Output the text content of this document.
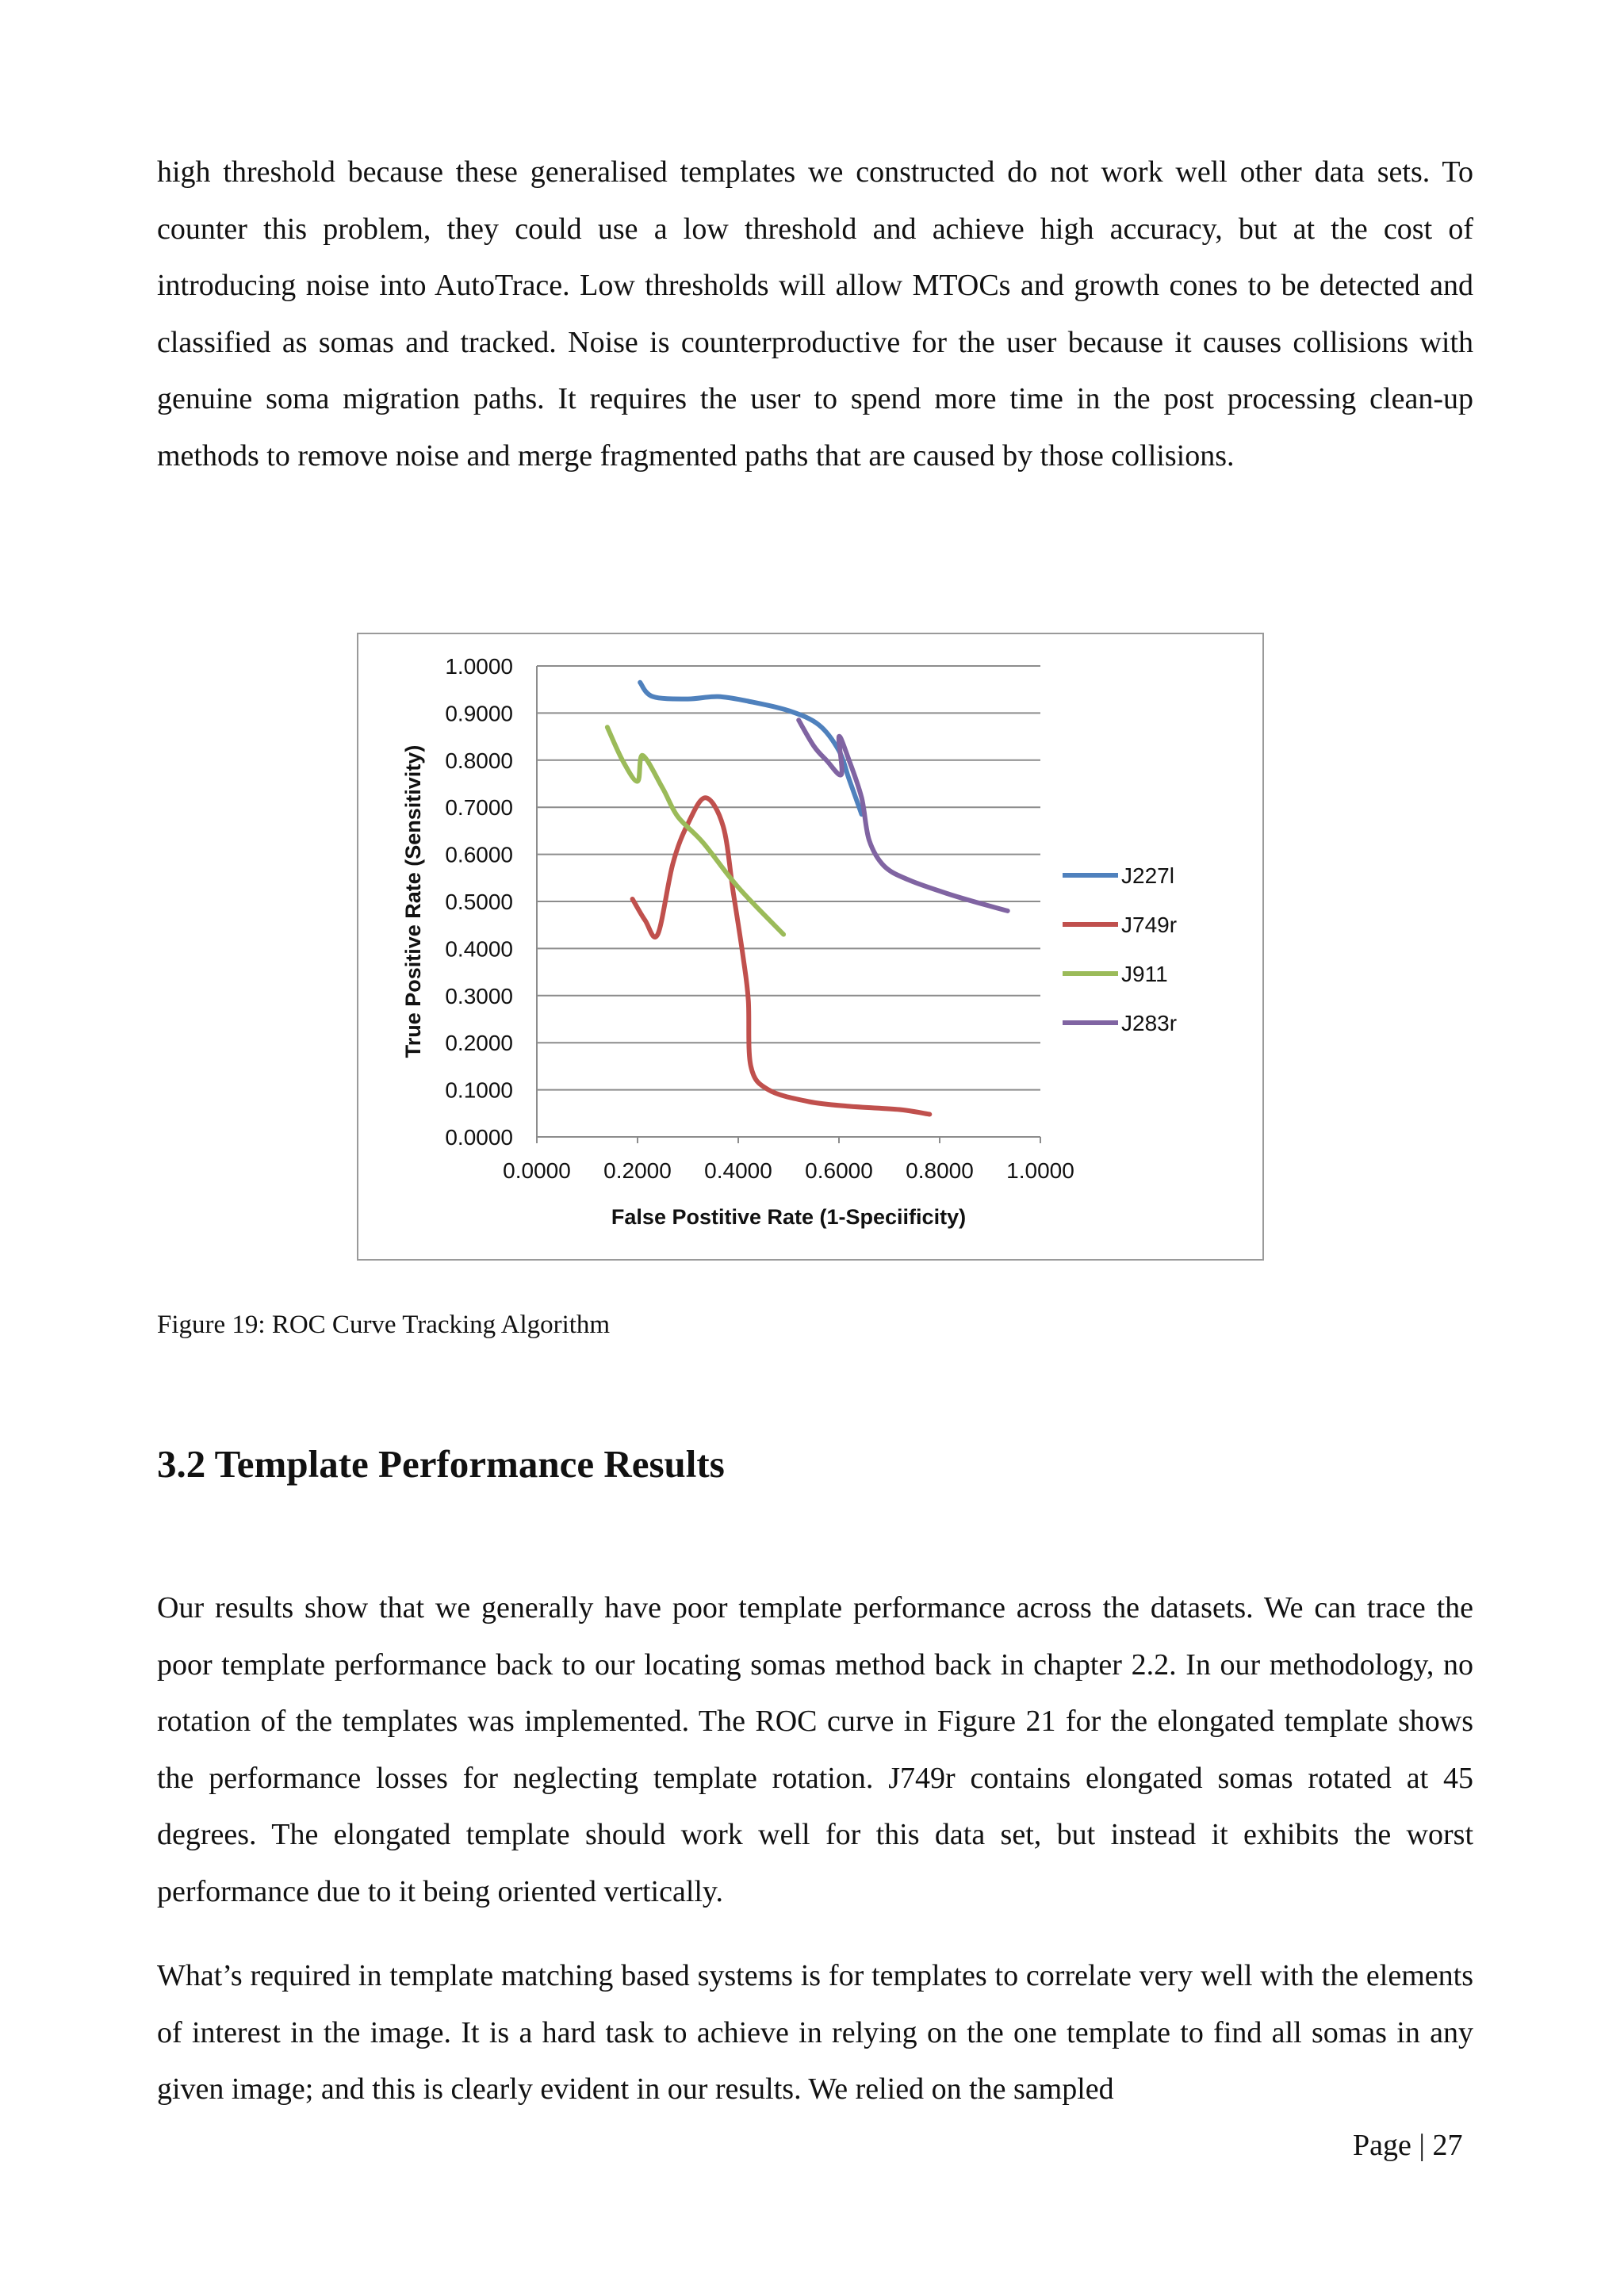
high threshold because these generalised templates we constructed do not work well other data sets. To counter this problem, they could use a low threshold and achieve high accuracy, but at the cost of introducing noise into AutoTrace. Low thresholds will allow MTOCs and growth cones to be detected and classified as somas and tracked. Noise is counterproductive for the user because it causes collisions with genuine soma migration paths. It requires the user to spend more time in the post processing clean-up methods to remove noise and merge fragmented paths that are caused by those collisions.

0.0000
0.1000
0.2000
0.3000
0.4000
0.5000
0.6000
0.7000
0.8000
0.9000
1.0000
0.0000 0.2000 0.4000 0.6000 0.8000 1.0000
False Postitive Rate (1-Speciificity)
True Positive Rate (Sensitivity)	J227l
J749r
J911
J283r
Figure 19: ROC Curve Tracking Algorithm
3.2 Template Performance Results

Our results show that we generally have poor template performance across the datasets. We can trace the poor template performance back to our locating somas method back in chapter 2.2. In our methodology, no rotation of the templates was implemented. The ROC curve in Figure 21 for the elongated template shows the performance losses for neglecting template rotation. J749r contains elongated somas rotated at 45 degrees. The elongated template should work well for this data set, but instead it exhibits the worst performance due to it being oriented vertically.

What’s required in template matching based systems is for templates to correlate very well with the elements of interest in the image. It is a hard task to achieve in relying on the one template to find all somas in any given image; and this is clearly evident in our results. We relied on the sampled

Page | 27
